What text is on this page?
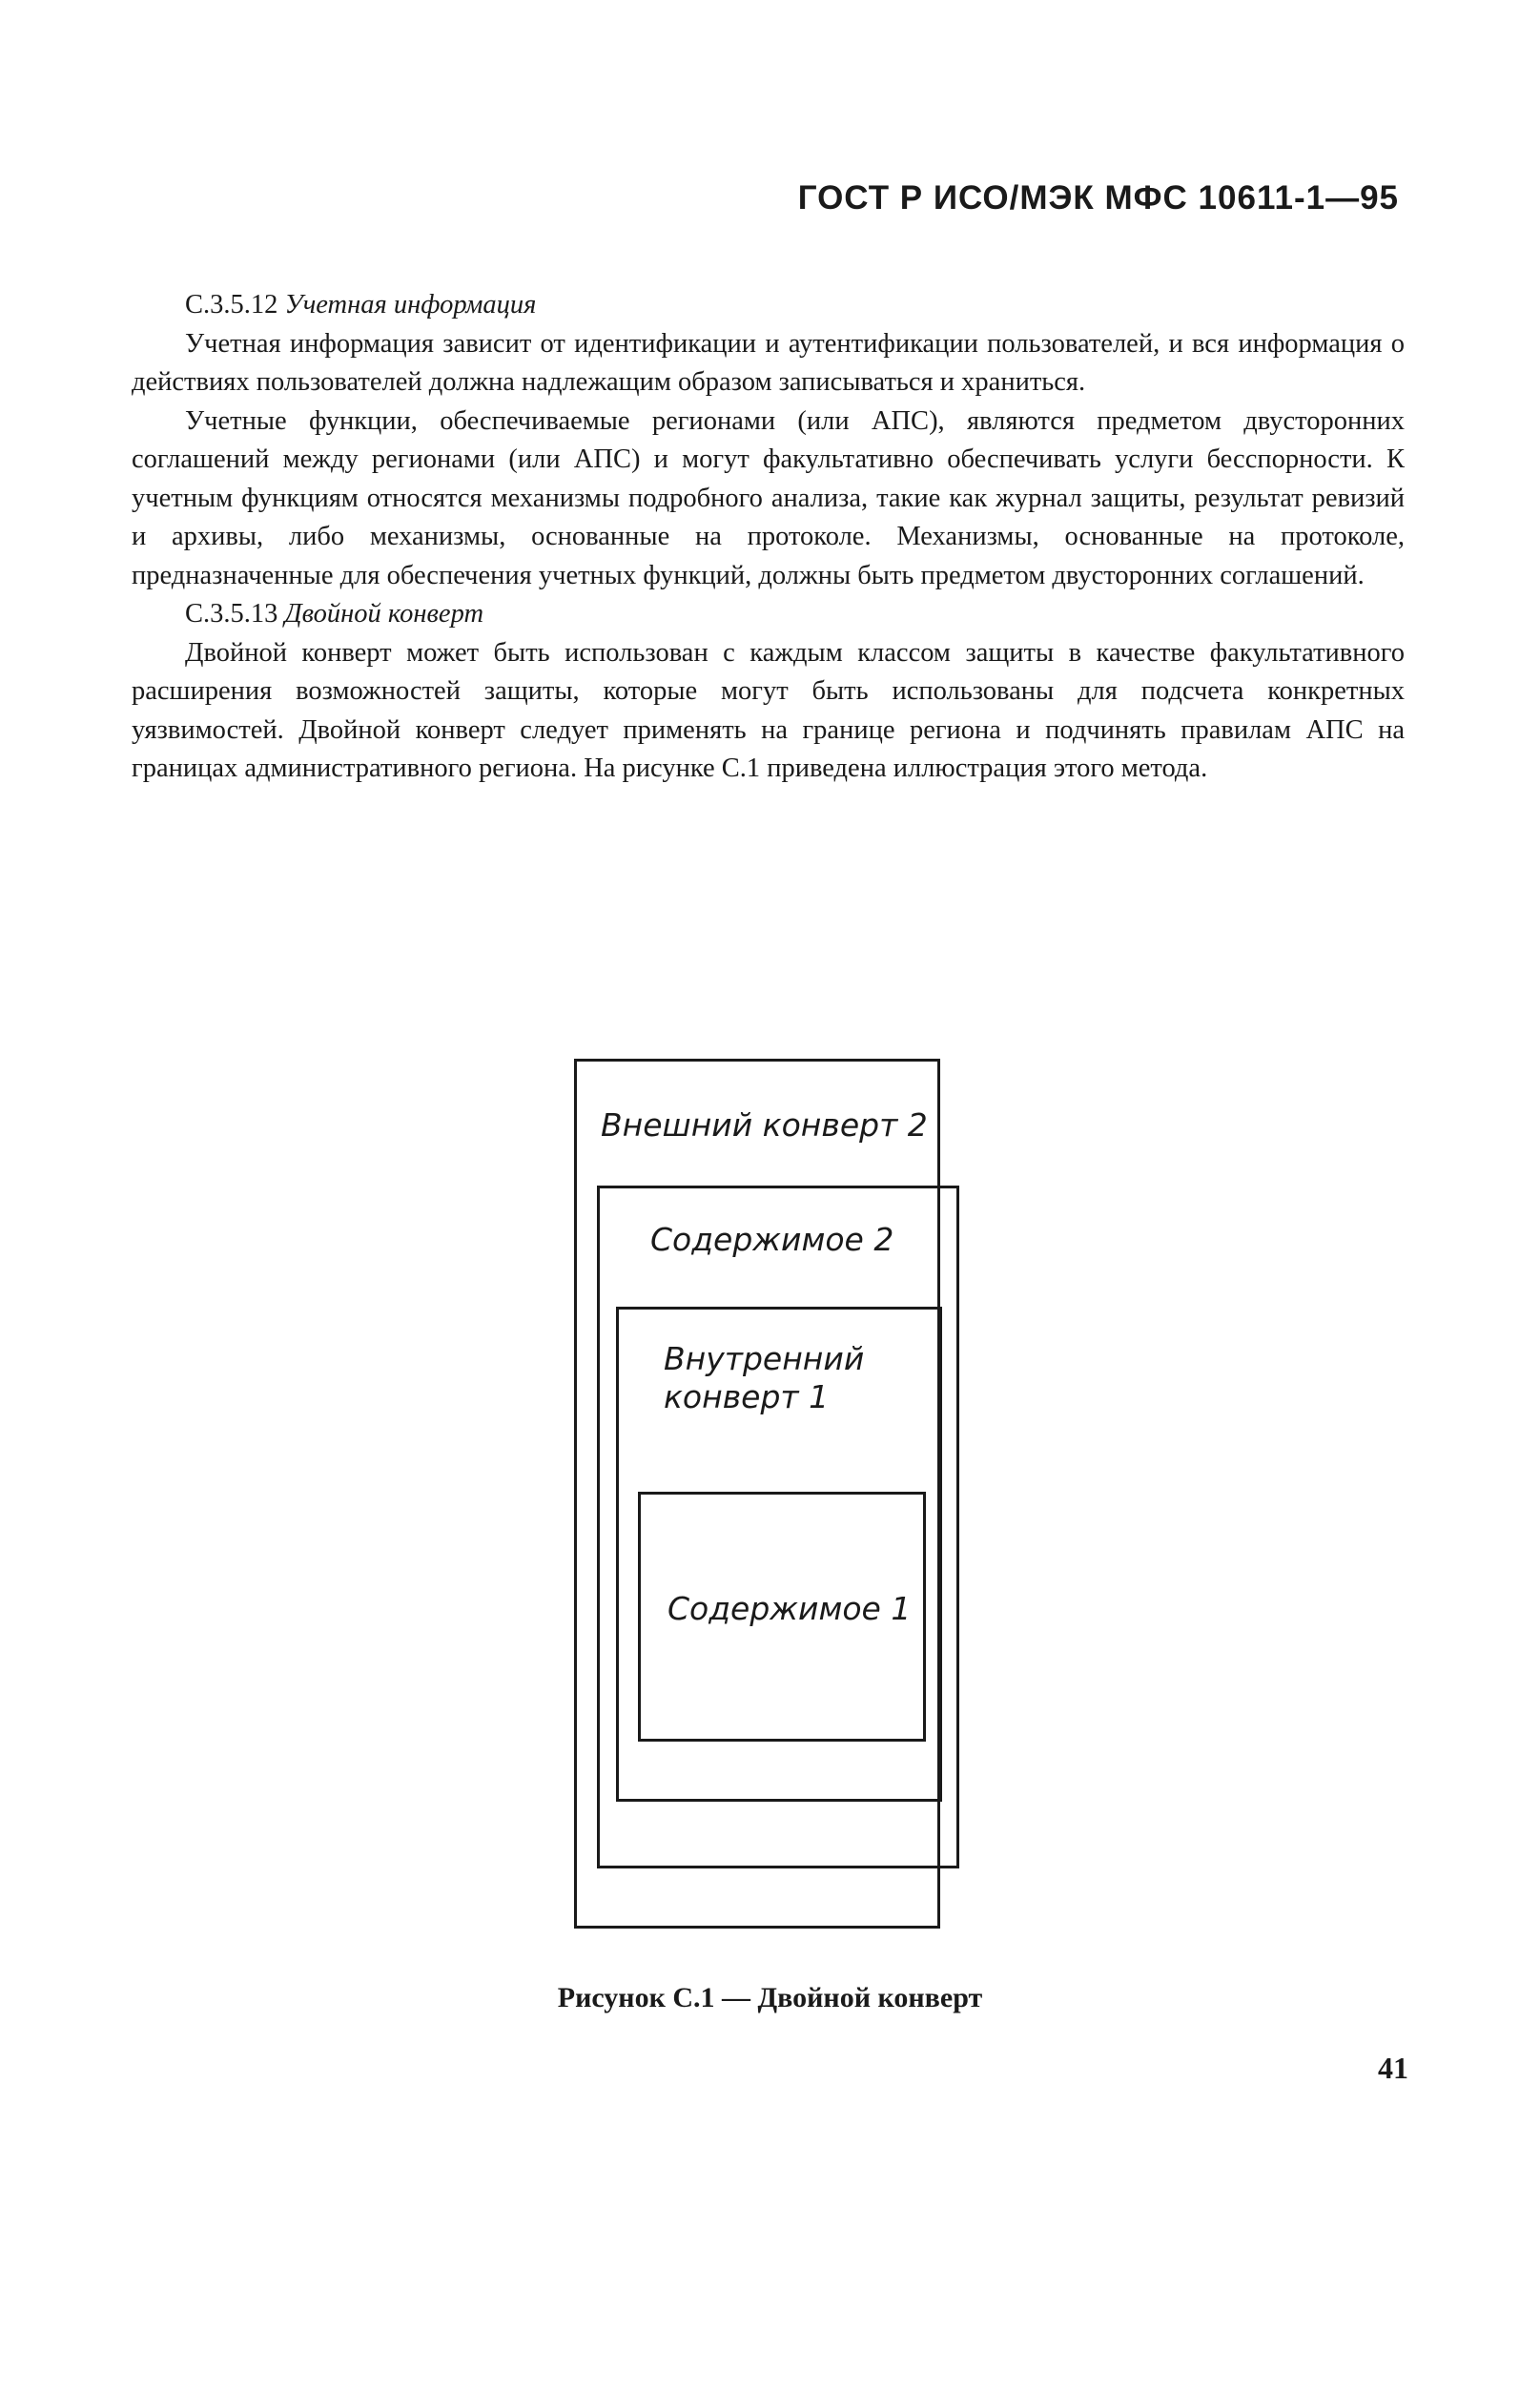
ГОСТ Р ИСО/МЭК МФС 10611-1—95

С.3.5.12 Учетная информация

Учетная информация зависит от идентификации и аутентификации пользователей, и вся информация о действиях пользователей должна надлежащим образом записываться и храниться.

Учетные функции, обеспечиваемые регионами (или АПС), являются предметом двусторонних соглашений между регионами (или АПС) и могут факультативно обеспечивать услуги бесспорности. К учетным функциям относятся механизмы подробного анализа, такие как журнал защиты, результат ревизий и архивы, либо механизмы, основанные на протоколе. Механизмы, основанные на протоколе, предназначенные для обеспечения учетных функций, должны быть предметом двусторонних соглашений.

С.3.5.13 Двойной конверт

Двойной конверт может быть использован с каждым классом защиты в качестве факультативного расширения возможностей защиты, которые могут быть использованы для подсчета конкретных уязвимостей. Двойной конверт следует применять на границе региона и подчинять правилам АПС на границах административного региона. На рисунке С.1 приведена иллюстрация этого метода.

Внешний конверт 2
Содержимое 2
Внутренний конверт 1
Содержимое 1
Рисунок С.1 — Двойной конверт
41
